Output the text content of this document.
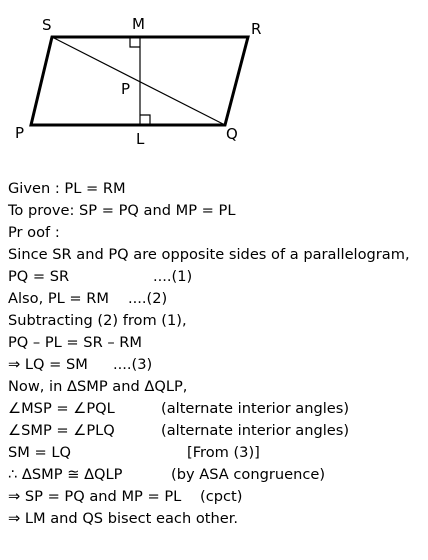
S	M	R
P
P	L	Q
Given : PL = RM
To prove: SP = PQ and MP = PL
Pr oof :
Since SR and PQ are opposite sides of a parallelogram,

PQ = SR

	....(1)

Also, PL = RM

....(2)

Subtracting (2) from (1),
PQ – PL = SR – RM

⇒ LQ = SM

....(3)

Now, in ΔSMP and ΔQLP,

∠MSP = ∠PQL

	(alternate interior angles)

∠SMP = ∠PLQ

	(alternate interior angles)

SM = LQ

	[From (3)]

∴ ΔSMP ≅ ΔQLP

	(by ASA congruence)

⇒ SP = PQ and MP = PL

(cpct)

⇒ LM and QS bisect each other.
